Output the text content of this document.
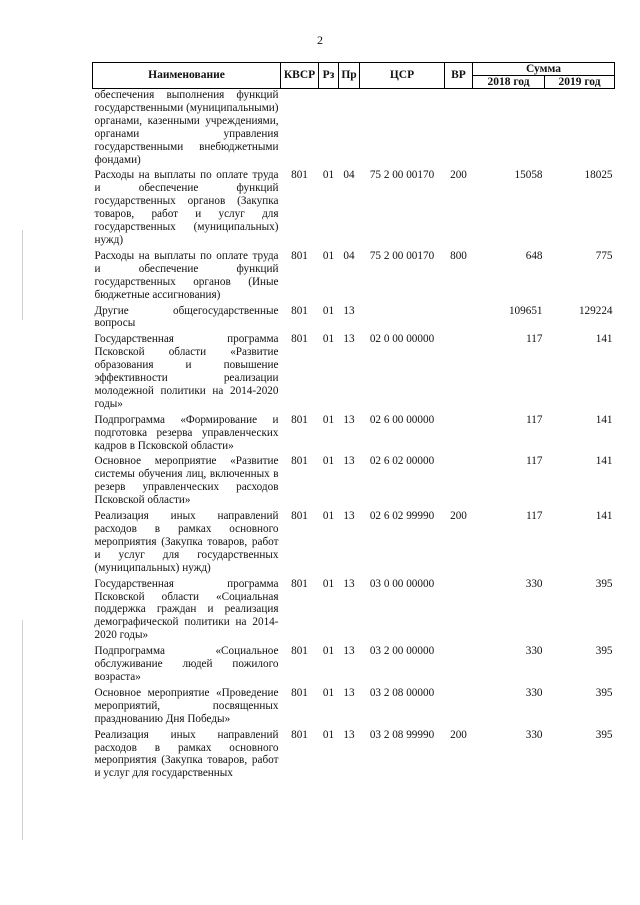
2
Наименование	КВСР	Рз	Пр	ЦСР	ВР	Сумма	
						2018 год	2019 год
обеспечения выполнения функций государственными (муниципальными) органами, казенными учреждениями, органами управления государственными внебюджетными фондами)							
Расходы на выплаты по оплате труда и обеспечение функций государственных органов (Закупка товаров, работ и услуг для государственных (муниципальных) нужд)	801	01	04	75 2 00 00170	200	15058	18025
Расходы на выплаты по оплате труда и обеспечение функций государственных органов (Иные бюджетные ассигнования)	801	01	04	75 2 00 00170	800	648	775
Другие общегосударственные вопросы	801	01	13			109651	129224
Государственная программа Псковской области «Развитие образования и повышение эффективности реализации молодежной политики на 2014-2020 годы»	801	01	13	02 0 00 00000		117	141
Подпрограмма «Формирование и подготовка резерва управленческих кадров в Псковской области»	801	01	13	02 6 00 00000		117	141
Основное мероприятие «Развитие системы обучения лиц, включенных в резерв управленческих расходов Псковской области»	801	01	13	02 6 02 00000		117	141
Реализация иных направлений расходов в рамках основного мероприятия (Закупка товаров, работ и услуг для государственных (муниципальных) нужд)	801	01	13	02 6 02 99990	200	117	141
Государственная программа Псковской области «Социальная поддержка граждан и реализация демографической политики на 2014-2020 годы»	801	01	13	03 0 00 00000		330	395
Подпрограмма «Социальное обслуживание людей пожилого возраста»	801	01	13	03 2 00 00000		330	395
Основное мероприятие «Проведение мероприятий, посвященных празднованию Дня Победы»	801	01	13	03 2 08 00000		330	395
Реализация иных направлений расходов в рамках основного мероприятия (Закупка товаров, работ и услуг для государственных	801	01	13	03 2 08 99990	200	330	395
